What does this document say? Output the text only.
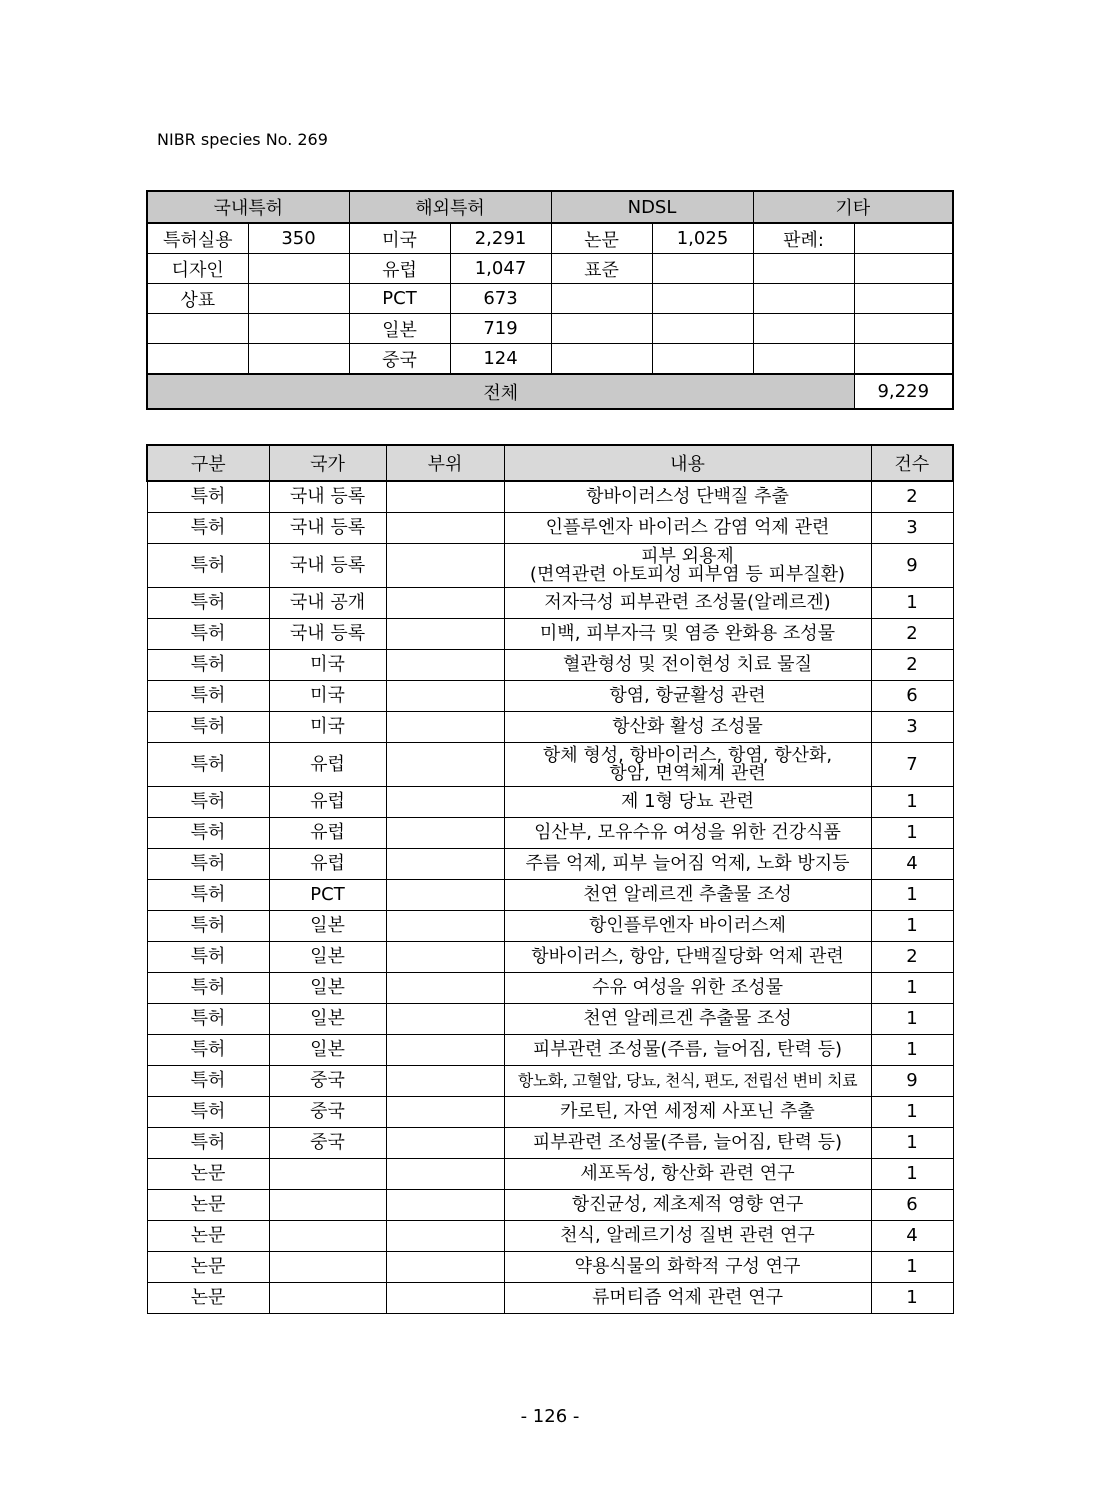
NIBR species No. 269
국내특허		해외특허		NDSL		기타	
특허실용	350	미국	2,291	논문	1,025	판례:	
디자인		유럽	1,047	표준			
상표		PCT	673				
		일본	719				
		중국	124				
전체							9,229
구분	국가	부위	내용	건수
특허	국내 등록		항바이러스성 단백질 추출	2
특허	국내 등록		인플루엔자 바이러스 감염 억제 관련	3
특허	국내 등록		피부 외용제
(면역관련 아토피성 피부염 등 피부질환)	9
특허	국내 공개		저자극성 피부관련 조성물(알레르겐)	1
특허	국내 등록		미백, 피부자극 및 염증 완화용 조성물	2
특허	미국		혈관형성 및 전이현성 치료 물질	2
특허	미국		항염, 항균활성 관련	6
특허	미국		항산화 활성 조성물	3
특허	유럽		항체 형성, 항바이러스, 항염, 항산화,
항암, 면역체계 관련	7
특허	유럽		제 1형 당뇨 관련	1
특허	유럽		임산부, 모유수유 여성을 위한 건강식품	1
특허	유럽		주름 억제, 피부 늘어짐 억제, 노화 방지등	4
특허	PCT		천연 알레르겐 추출물 조성	1
특허	일본		항인플루엔자 바이러스제	1
특허	일본		항바이러스, 항암, 단백질당화 억제 관련	2
특허	일본		수유 여성을 위한 조성물	1
특허	일본		천연 알레르겐 추출물 조성	1
특허	일본		피부관련 조성물(주름, 늘어짐, 탄력 등)	1
특허	중국		항노화, 고혈압, 당뇨, 천식, 편도, 전립선 변비 치료	9
특허	중국		카로틴, 자연 세정제 사포닌 추출	1
특허	중국		피부관련 조성물(주름, 늘어짐, 탄력 등)	1
논문			세포독성, 항산화 관련 연구	1
논문			항진균성, 제초제적 영향 연구	6
논문			천식, 알레르기성 질변 관련 연구	4
논문			약용식물의 화학적 구성 연구	1
논문			류머티즘 억제 관련 연구	1
- 126 -
